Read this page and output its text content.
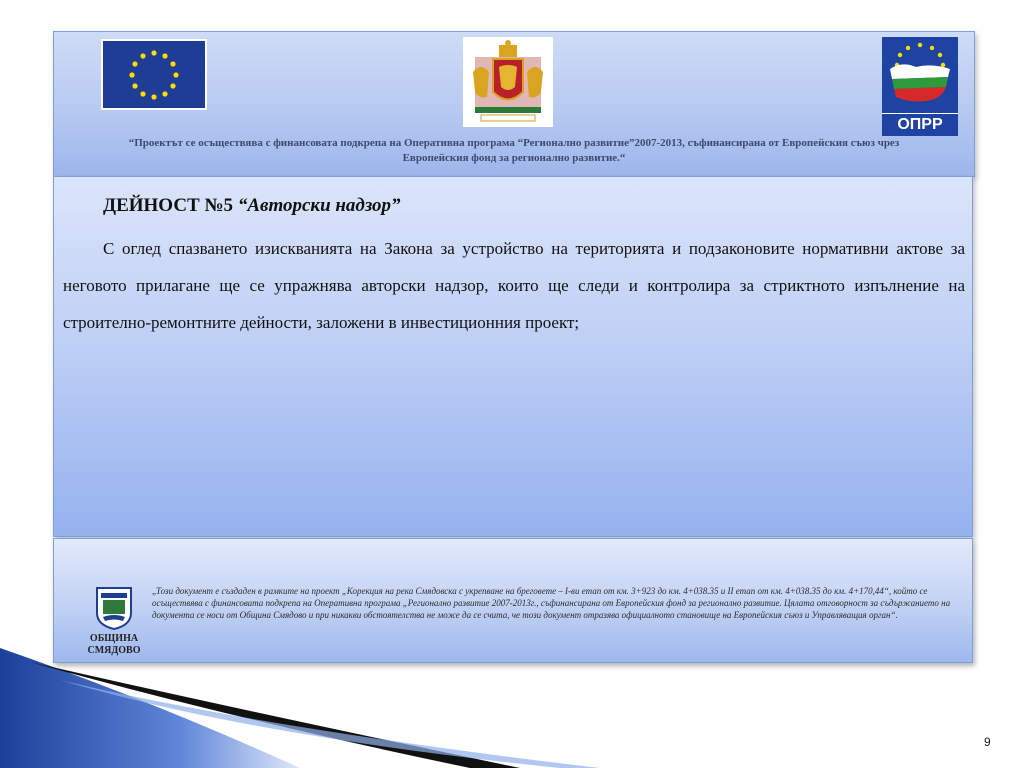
ОПРР
“Проектът се осъществява с финансовата подкрепа на Оперативна програма “Регионално развитие”2007-2013, съфинансирана от Европейския съюз чрез
Европейския фонд за регионално развитие.“
ДЕЙНОСТ №5 “Авторски надзор”
С оглед спазването изискванията на Закона за устройство на територията и подзаконовите нормативни актове за неговото прилагане ще се упражнява авторски надзор, които ще следи и контролира за стриктното изпълнение на строително-ремонтните дейности, заложени в инвестиционния проект;
ОБЩИНА
СМЯДОВО
„Този документ е създаден в рамките на проект „Корекция на река Смядовска с укрепване на бреговете – I-ви етап от км. 3+923 до км. 4+038.35 и II етап от км. 4+038.35 до км. 4+170,44“, който се осъществява с финансовата подкрепа на Оперативна програма „Регионално развитие 2007-2013г., съфинансирана от Европейския фонд за регионално развитие. Цялата отговорност за съдържанието на документа се носи от Община Смядово и при никакви обстоятелства не може да се счита, че този документ отразява официалното становище на Европейския съюз и Управляващия орган“.
9
